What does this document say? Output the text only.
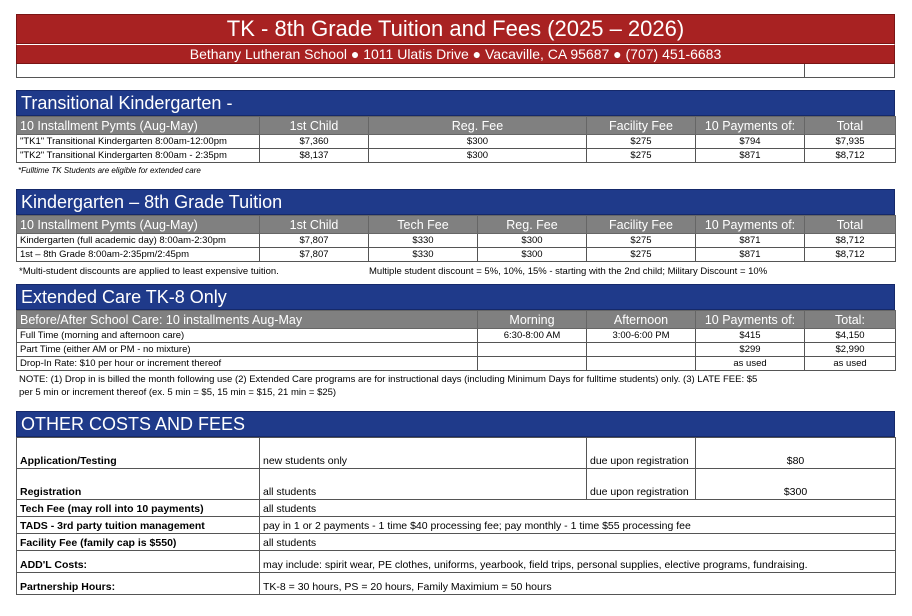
TK - 8th Grade Tuition and Fees (2025 – 2026)
Bethany Lutheran School ● 1011 Ulatis Drive ● Vacaville, CA 95687 ● (707) 451-6683
Transitional Kindergarten -
10 Installment Pymts (Aug-May)	1st Child	Reg. Fee	Facility Fee	10 Payments of:	Total
"TK1" Transitional Kindergarten 8:00am-12:00pm	$7,360	$300	$275	$794	$7,935
"TK2" Transitional Kindergarten 8:00am - 2:35pm	$8,137	$300	$275	$871	$8,712
*Fulltime TK Students are eligible for extended care
Kindergarten – 8th Grade Tuition
10 Installment Pymts (Aug-May)	1st Child	Tech Fee	Reg. Fee	Facility Fee	10 Payments of:	Total
Kindergarten (full academic day) 8:00am-2:30pm	$7,807	$330	$300	$275	$871	$8,712
1st – 8th Grade 8:00am-2:35pm/2:45pm	$7,807	$330	$300	$275	$871	$8,712
*Multi-student discounts are applied to least expensive tuition.	Multiple student discount = 5%, 10%, 15% - starting with the 2nd child; Military Discount = 10%
Extended Care TK-8 Only
Before/After School Care: 10 installments Aug-May	Morning	Afternoon	10 Payments of:	Total:
Full Time (morning and afternoon care)	6:30-8:00 AM	3:00-6:00 PM	$415	$4,150
Part Time (either AM or PM - no mixture)			$299	$2,990
Drop-In Rate: $10 per hour or increment thereof			as used	as used
NOTE: (1) Drop in is billed the month following use (2) Extended Care programs are for instructional days (including Minimum Days for fulltime students) only. (3) LATE FEE: $5
per 5 min or increment thereof (ex. 5 min = $5, 15 min = $15, 21 min = $25)
OTHER COSTS AND FEES
Application/Testing	new students only	due upon registration	$80
Registration	all students	due upon registration	$300
Tech Fee (may roll into 10 payments)	all students		
TADS - 3rd party tuition management	pay in 1 or 2 payments - 1 time $40 processing fee; pay monthly - 1 time $55 processing fee		
Facility Fee (family cap is $550)	all students		
ADD'L Costs:	may include: spirit wear, PE clothes, uniforms, yearbook, field trips, personal supplies, elective programs, fundraising.		
Partnership Hours:	TK-8 = 30 hours, PS = 20 hours, Family Maximium = 50 hours		
